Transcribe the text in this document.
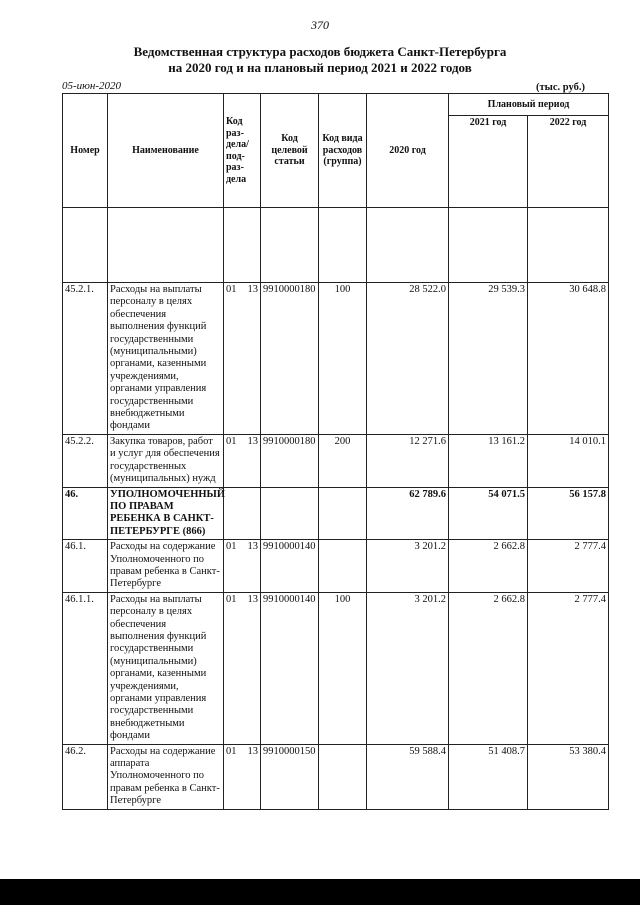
370
Ведомственная структура расходов бюджета Санкт-Петербурга
на 2020 год и на плановый период 2021 и 2022 годов
05-июн-2020	(тыс. руб.)
Номер	Наименование	Код раз- дела/ под- раз- дела	Код целевой статьи	Код вида расходов (группа)	2020 год	Плановый период	
						2021 год	2022 год

45.2.1.	Расходы на выплаты персоналу в целях обеспечения выполнения функций государственными (муниципальными) органами, казенными учреждениями, органами управления государственными внебюджетными фондами	01 13	9910000180	100	28 522.0	29 539.3	30 648.8
45.2.2.	Закупка товаров, работ и услуг для обеспечения государственных (муниципальных) нужд	01 13	9910000180	200	12 271.6	13 161.2	14 010.1
46.	УПОЛНОМОЧЕННЫЙ ПО ПРАВАМ РЕБЕНКА В САНКТ-ПЕТЕРБУРГЕ (866)				62 789.6	54 071.5	56 157.8
46.1.	Расходы на содержание Уполномоченного по правам ребенка в Санкт-Петербурге	01 13	9910000140		3 201.2	2 662.8	2 777.4
46.1.1.	Расходы на выплаты персоналу в целях обеспечения выполнения функций государственными (муниципальными) органами, казенными учреждениями, органами управления государственными внебюджетными фондами	01 13	9910000140	100	3 201.2	2 662.8	2 777.4
46.2.	Расходы на содержание аппарата Уполномоченного по правам ребенка в Санкт-Петербурге	01 13	9910000150		59 588.4	51 408.7	53 380.4
